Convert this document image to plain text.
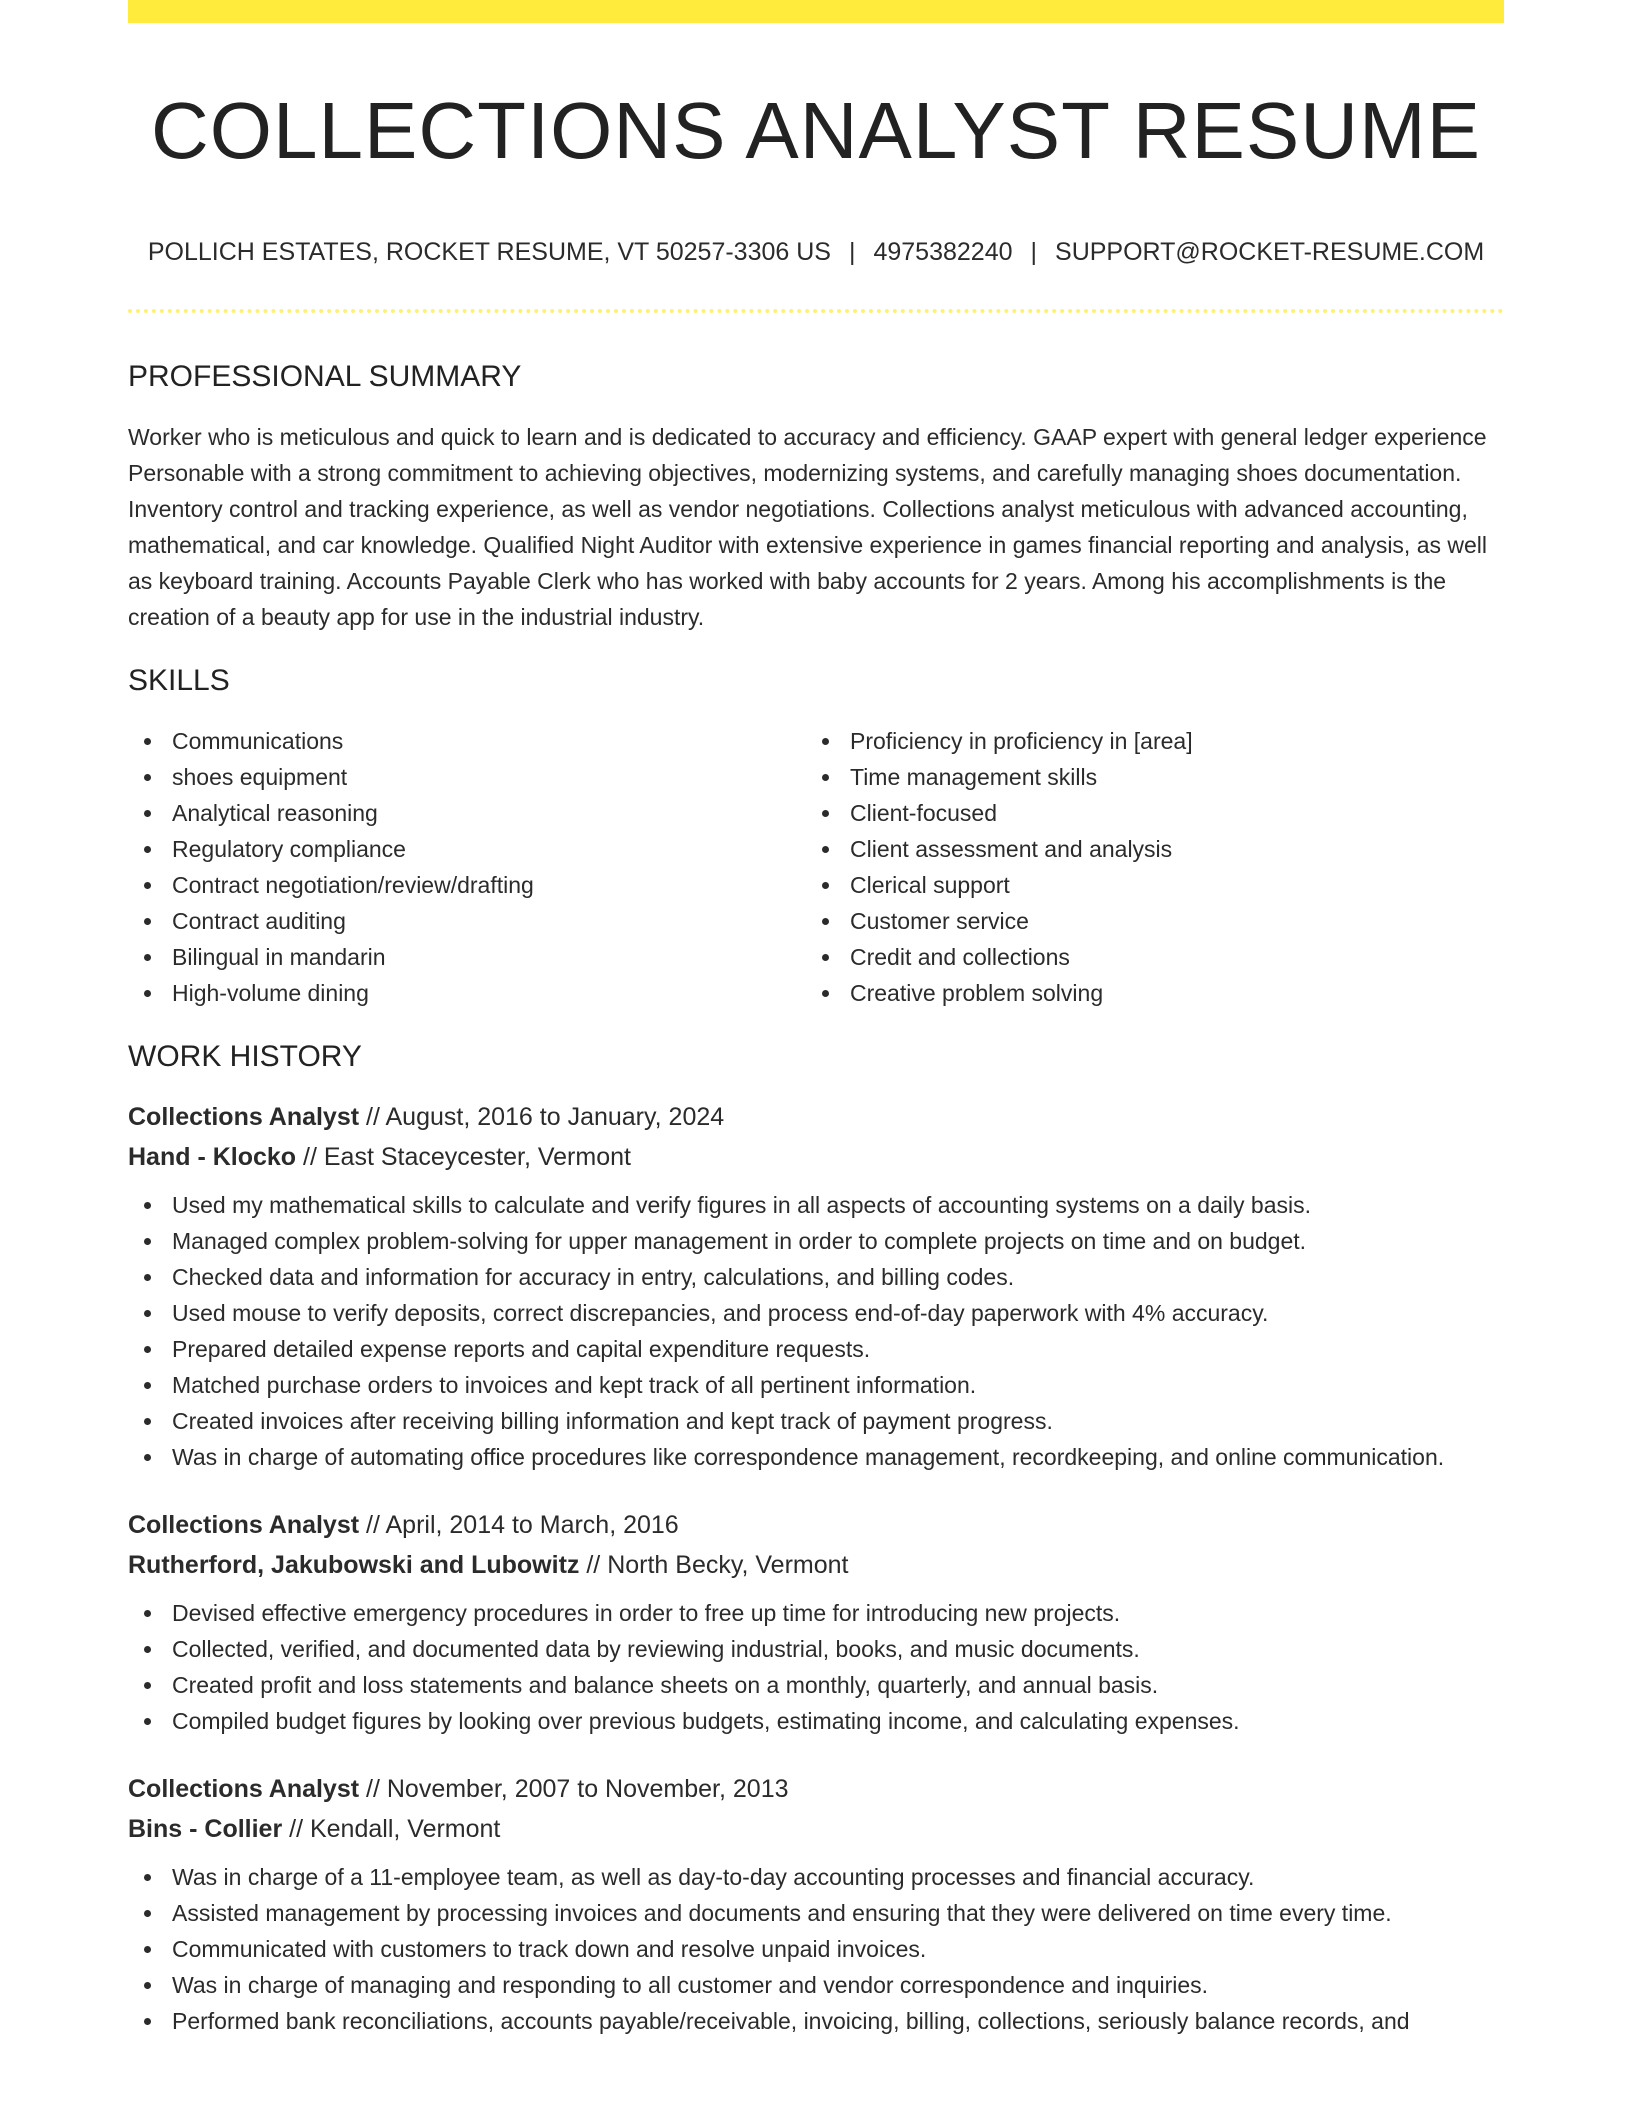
COLLECTIONS ANALYST RESUME
POLLICH ESTATES, ROCKET RESUME, VT 50257-3306 US | 4975382240 | SUPPORT@ROCKET-RESUME.COM
PROFESSIONAL SUMMARY

Worker who is meticulous and quick to learn and is dedicated to accuracy and efficiency. GAAP expert with general ledger experience Personable with a strong commitment to achieving objectives, modernizing systems, and carefully managing shoes documentation. Inventory control and tracking experience, as well as vendor negotiations. Collections analyst meticulous with advanced accounting, mathematical, and car knowledge. Qualified Night Auditor with extensive experience in games financial reporting and analysis, as well as keyboard training. Accounts Payable Clerk who has worked with baby accounts for 2 years. Among his accomplishments is the creation of a beauty app for use in the industrial industry.

SKILLS
Communications
shoes equipment
Analytical reasoning
Regulatory compliance
Contract negotiation/review/drafting
Contract auditing
Bilingual in mandarin
High-volume dining
Proficiency in proficiency in [area]
Time management skills
Client-focused
Client assessment and analysis
Clerical support
Customer service
Credit and collections
Creative problem solving
WORK HISTORY
Collections Analyst // August, 2016 to January, 2024
Hand - Klocko // East Staceycester, Vermont
Used my mathematical skills to calculate and verify figures in all aspects of accounting systems on a daily basis.
Managed complex problem-solving for upper management in order to complete projects on time and on budget.
Checked data and information for accuracy in entry, calculations, and billing codes.
Used mouse to verify deposits, correct discrepancies, and process end-of-day paperwork with 4% accuracy.
Prepared detailed expense reports and capital expenditure requests.
Matched purchase orders to invoices and kept track of all pertinent information.
Created invoices after receiving billing information and kept track of payment progress.
Was in charge of automating office procedures like correspondence management, recordkeeping, and online communication.
Collections Analyst // April, 2014 to March, 2016
Rutherford, Jakubowski and Lubowitz // North Becky, Vermont
Devised effective emergency procedures in order to free up time for introducing new projects.
Collected, verified, and documented data by reviewing industrial, books, and music documents.
Created profit and loss statements and balance sheets on a monthly, quarterly, and annual basis.
Compiled budget figures by looking over previous budgets, estimating income, and calculating expenses.
Collections Analyst // November, 2007 to November, 2013
Bins - Collier // Kendall, Vermont
Was in charge of a 11-employee team, as well as day-to-day accounting processes and financial accuracy.
Assisted management by processing invoices and documents and ensuring that they were delivered on time every time.
Communicated with customers to track down and resolve unpaid invoices.
Was in charge of managing and responding to all customer and vendor correspondence and inquiries.
Performed bank reconciliations, accounts payable/receivable, invoicing, billing, collections, seriously balance records, and
